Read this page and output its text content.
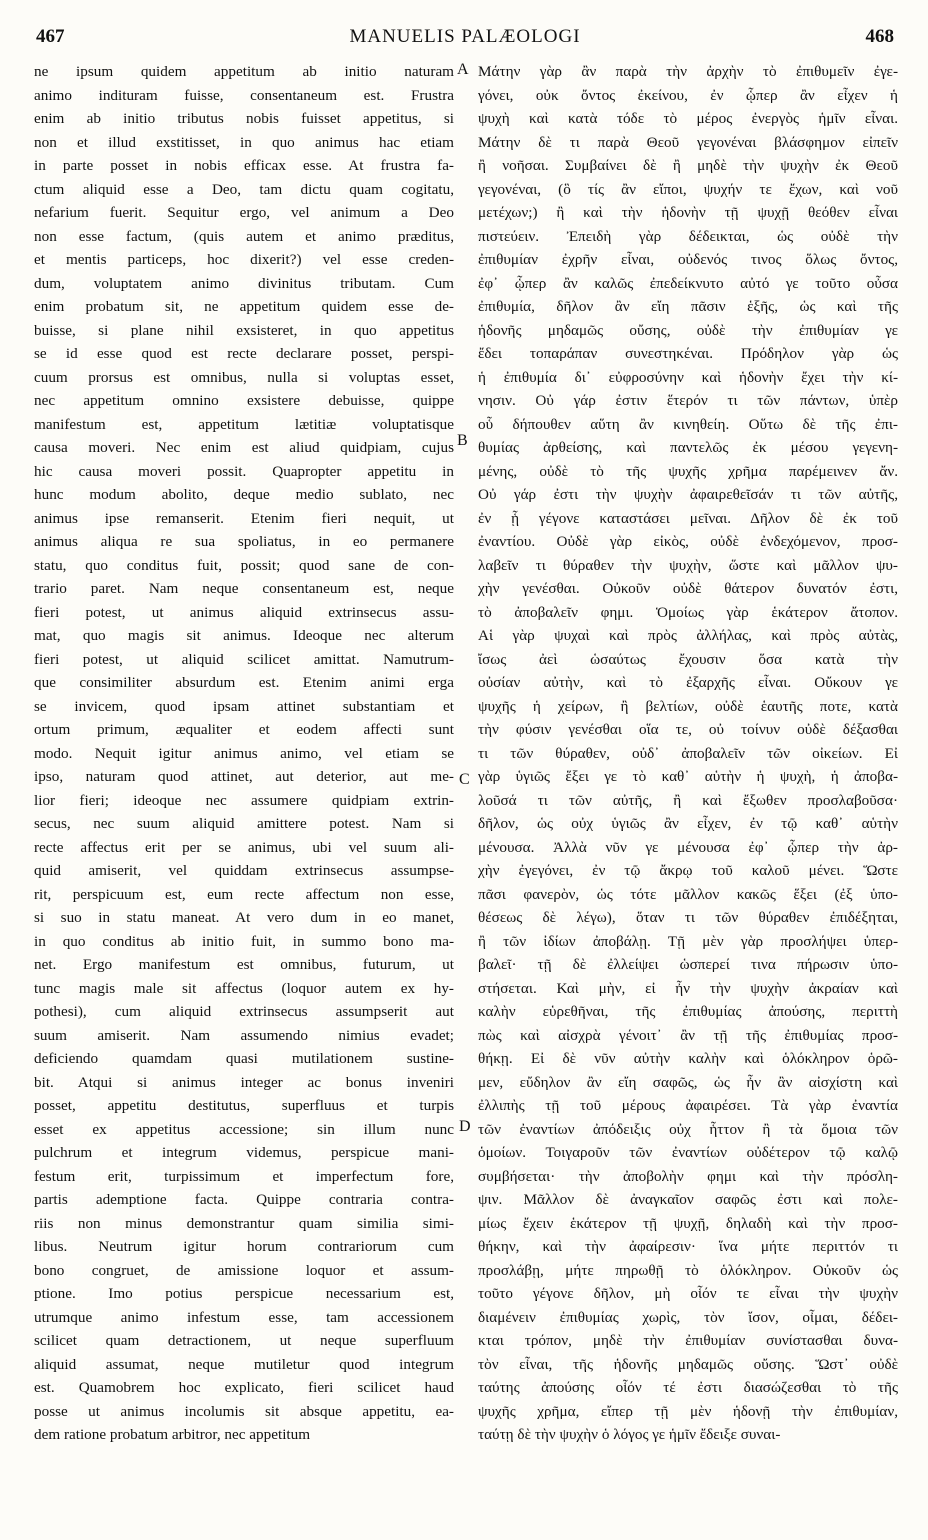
467	MANUELIS PALÆOLOGI	468
ne ipsum quidem appetitum ab initio naturam
animo indituram fuisse, consentaneum est. Frustra
enim ab initio tributus nobis fuisset appetitus, si
non et illud exstitisset, in quo animus hac etiam
in parte posset in nobis efficax esse. At frustra fa-
ctum aliquid esse a Deo, tam dictu quam cogitatu,
nefarium fuerit. Sequitur ergo, vel animum a Deo
non esse factum, (quis autem et animo præditus,
et mentis particeps, hoc dixerit?) vel esse creden-
dum, voluptatem animo divinitus tributam. Cum
enim probatum sit, ne appetitum quidem esse de-
buisse, si plane nihil exsisteret, in quo appetitus
se id esse quod est recte declarare posset, perspi-
cuum prorsus est omnibus, nulla si voluptas esset,
nec appetitum omnino exsistere debuisse, quippe
manifestum est, appetitum lætitiæ voluptatisque
causa moveri. Nec enim est aliud quidpiam, cujus
hic causa moveri possit. Quapropter appetitu in
hunc modum abolito, deque medio sublato, nec
animus ipse remanserit. Etenim fieri nequit, ut
animus aliqua re sua spoliatus, in eo permanere
statu, quo conditus fuit, possit; quod sane de con-
trario paret. Nam neque consentaneum est, neque
fieri potest, ut animus aliquid extrinsecus assu-
mat, quo magis sit animus. Ideoque nec alterum
fieri potest, ut aliquid scilicet amittat. Namutrum-
que consimiliter absurdum est. Etenim animi erga
se invicem, quod ipsam attinet substantiam et
ortum primum, æqualiter et eodem affecti sunt
modo. Nequit igitur animus animo, vel etiam se
ipso, naturam quod attinet, aut deterior, aut me-
lior fieri; ideoque nec assumere quidpiam extrin-
secus, nec suum aliquid amittere potest. Nam si
recte affectus erit per se animus, ubi vel suum ali-
quid amiserit, vel quiddam extrinsecus assumpse-
rit, perspicuum est, eum recte affectum non esse,
si suo in statu maneat. At vero dum in eo manet,
in quo conditus ab initio fuit, in summo bono ma-
net. Ergo manifestum est omnibus, futurum, ut
tunc magis male sit affectus (loquor autem ex hy-
pothesi), cum aliquid extrinsecus assumpserit aut
suum amiserit. Nam assumendo nimius evadet;
deficiendo quamdam quasi mutilationem sustine-
bit. Atqui si animus integer ac bonus inveniri
posset, appetitu destitutus, superfluus et turpis
esset ex appetitus accessione; sin illum nunc
pulchrum et integrum videmus, perspicue mani-
festum erit, turpissimum et imperfectum fore,
partis ademptione facta. Quippe contraria contra-
riis non minus demonstrantur quam similia simi-
libus. Neutrum igitur horum contrariorum cum
bono congruet, de amissione loquor et assum-
ptione. Imo potius perspicue necessarium est,
utrumque animo infestum esse, tam accessionem
scilicet quam detractionem, ut neque superfluum
aliquid assumat, neque mutiletur quod integrum
est. Quamobrem hoc explicato, fieri scilicet haud
posse ut animus incolumis sit absque appetitu, ea-
dem ratione probatum arbitror, nec appetitum
Μάτην γὰρ ἂν παρὰ τὴν ἀρχὴν τὸ ἐπιθυμεῖν ἐγε-
γόνει, οὐκ ὄντος ἐκείνου, ἐν ᾧπερ ἂν εἶχεν ἡ
ψυχὴ καὶ κατὰ τόδε τὸ μέρος ἐνεργὸς ἡμῖν εἶναι.
Μάτην δὲ τι παρὰ Θεοῦ γεγονέναι βλάσφημον εἰπεῖν
ἢ νοῆσαι. Συμβαίνει δὲ ἢ μηδὲ τὴν ψυχὴν ἐκ Θεοῦ
γεγονέναι, (ὃ τίς ἂν εἴποι, ψυχήν τε ἔχων, καὶ νοῦ
μετέχων;) ἢ καὶ τὴν ἡδονὴν τῇ ψυχῇ θεόθεν εἶναι
πιστεύειν. Ἐπειδὴ γὰρ δέδεικται, ὡς οὐδὲ τὴν
ἐπιθυμίαν ἐχρῆν εἶναι, οὐδενός τινος ὅλως ὄντος,
ἐφ᾽ ᾧπερ ἂν καλῶς ἐπεδείκνυτο αὐτό γε τοῦτο οὖσα
ἐπιθυμία, δῆλον ἂν εἴη πᾶσιν ἑξῆς, ὡς καὶ τῆς
ἡδονῆς μηδαμῶς οὔσης, οὐδὲ τὴν ἐπιθυμίαν γε
ἔδει τοπαράπαν συνεστηκέναι. Πρόδηλον γὰρ ὡς
ἡ ἐπιθυμία δι᾽ εὐφροσύνην καὶ ἡδονὴν ἔχει τὴν κί-
νησιν. Οὐ γάρ ἐστιν ἕτερόν τι τῶν πάντων, ὑπὲρ
οὗ δήπουθεν αὕτη ἂν κινηθείη. Οὕτω δὲ τῆς ἐπι-
θυμίας ἀρθείσης, καὶ παντελῶς ἐκ μέσου γεγενη-
μένης, οὐδὲ τὸ τῆς ψυχῆς χρῆμα παρέμεινεν ἄν.
Οὐ γάρ ἐστι τὴν ψυχὴν ἀφαιρεθεῖσάν τι τῶν αὐτῆς,
ἐν ᾗ γέγονε καταστάσει μεῖναι. Δῆλον δὲ ἐκ τοῦ
ἐναντίου. Οὐδὲ γὰρ εἰκὸς, οὐδὲ ἐνδεχόμενον, προσ-
λαβεῖν τι θύραθεν τὴν ψυχὴν, ὥστε καὶ μᾶλλον ψυ-
χὴν γενέσθαι. Οὐκοῦν οὐδὲ θάτερον δυνατόν ἐστι,
τὸ ἀποβαλεῖν φημι. Ὁμοίως γὰρ ἑκάτερον ἄτοπον.
Αἱ γὰρ ψυχαὶ καὶ πρὸς ἀλλήλας, καὶ πρὸς αὐτὰς,
ἴσως ἀεὶ ὡσαύτως ἔχουσιν ὅσα κατὰ τὴν
οὐσίαν αὐτὴν, καὶ τὸ ἐξαρχῆς εἶναι. Οὔκουν γε
ψυχῆς ἡ χείρων, ἢ βελτίων, οὐδὲ ἑαυτῆς ποτε, κατὰ
τὴν φύσιν γενέσθαι οἵα τε, οὐ τοίνυν οὐδὲ δέξασθαι
τι τῶν θύραθεν, οὐδ᾽ ἀποβαλεῖν τῶν οἰκείων. Εἰ
γὰρ ὑγιῶς ἕξει γε τὸ καθ᾽ αὑτὴν ἡ ψυχὴ, ἡ ἀποβα-
λοῦσά τι τῶν αὐτῆς, ἢ καὶ ἔξωθεν προσλαβοῦσα·
δῆλον, ὡς οὐχ ὑγιῶς ἂν εἶχεν, ἐν τῷ καθ᾽ αὑτὴν
μένουσα. Ἀλλὰ νῦν γε μένουσα ἐφ᾽ ᾧπερ τὴν ἀρ-
χὴν ἐγεγόνει, ἐν τῷ ἄκρῳ τοῦ καλοῦ μένει. Ὥστε
πᾶσι φανερὸν, ὡς τότε μᾶλλον κακῶς ἕξει (ἐξ ὑπο-
θέσεως δὲ λέγω), ὅταν τι τῶν θύραθεν ἐπιδέξηται,
ἢ τῶν ἰδίων ἀποβάλῃ. Τῇ μὲν γὰρ προσλήψει ὑπερ-
βαλεῖ· τῇ δὲ ἐλλείψει ὡσπερεί τινα πήρωσιν ὑπο-
στήσεται. Καὶ μὴν, εἰ ἦν τὴν ψυχὴν ἀκραίαν καὶ
καλὴν εὑρεθῆναι, τῆς ἐπιθυμίας ἀπούσης, περιττὴ
πὼς καὶ αἰσχρὰ γένοιτ᾽ ἂν τῇ τῆς ἐπιθυμίας προσ-
θήκῃ. Εἰ δὲ νῦν αὐτὴν καλὴν καὶ ὁλόκληρον ὁρῶ-
μεν, εὔδηλον ἂν εἴη σαφῶς, ὡς ἦν ἂν αἰσχίστη καὶ
ἐλλιπὴς τῇ τοῦ μέρους ἀφαιρέσει. Τὰ γὰρ ἐναντία
τῶν ἐναντίων ἀπόδειξις οὐχ ἧττον ἢ τὰ ὅμοια τῶν
ὁμοίων. Τοιγαροῦν τῶν ἐναντίων οὐδέτερον τῷ καλῷ
συμβήσεται· τὴν ἀποβολὴν φημι καὶ τὴν πρόσλη-
ψιν. Μᾶλλον δὲ ἀναγκαῖον σαφῶς ἐστι καὶ πολε-
μίως ἔχειν ἑκάτερον τῇ ψυχῇ, δηλαδὴ καὶ τὴν προσ-
θήκην, καὶ τὴν ἀφαίρεσιν· ἵνα μήτε περιττόν τι
προσλάβῃ, μήτε πηρωθῇ τὸ ὁλόκληρον. Οὐκοῦν ὡς
τοῦτο γέγονε δῆλον, μὴ οἷόν τε εἶναι τὴν ψυχὴν
διαμένειν ἐπιθυμίας χωρὶς, τὸν ἴσον, οἶμαι, δέδει-
κται τρόπον, μηδὲ τὴν ἐπιθυμίαν συνίστασθαι δυνα-
τὸν εἶναι, τῆς ἡδονῆς μηδαμῶς οὔσης. Ὥστ᾽ οὐδὲ
ταύτης ἀπούσης οἷόν τέ ἐστι διασώζεσθαι τὸ τῆς
ψυχῆς χρῆμα, εἴπερ τῇ μὲν ἡδονῇ τὴν ἐπιθυμίαν,
ταύτῃ δὲ τὴν ψυχὴν ὁ λόγος γε ἡμῖν ἔδειξε συναι-
A
B
C
D
